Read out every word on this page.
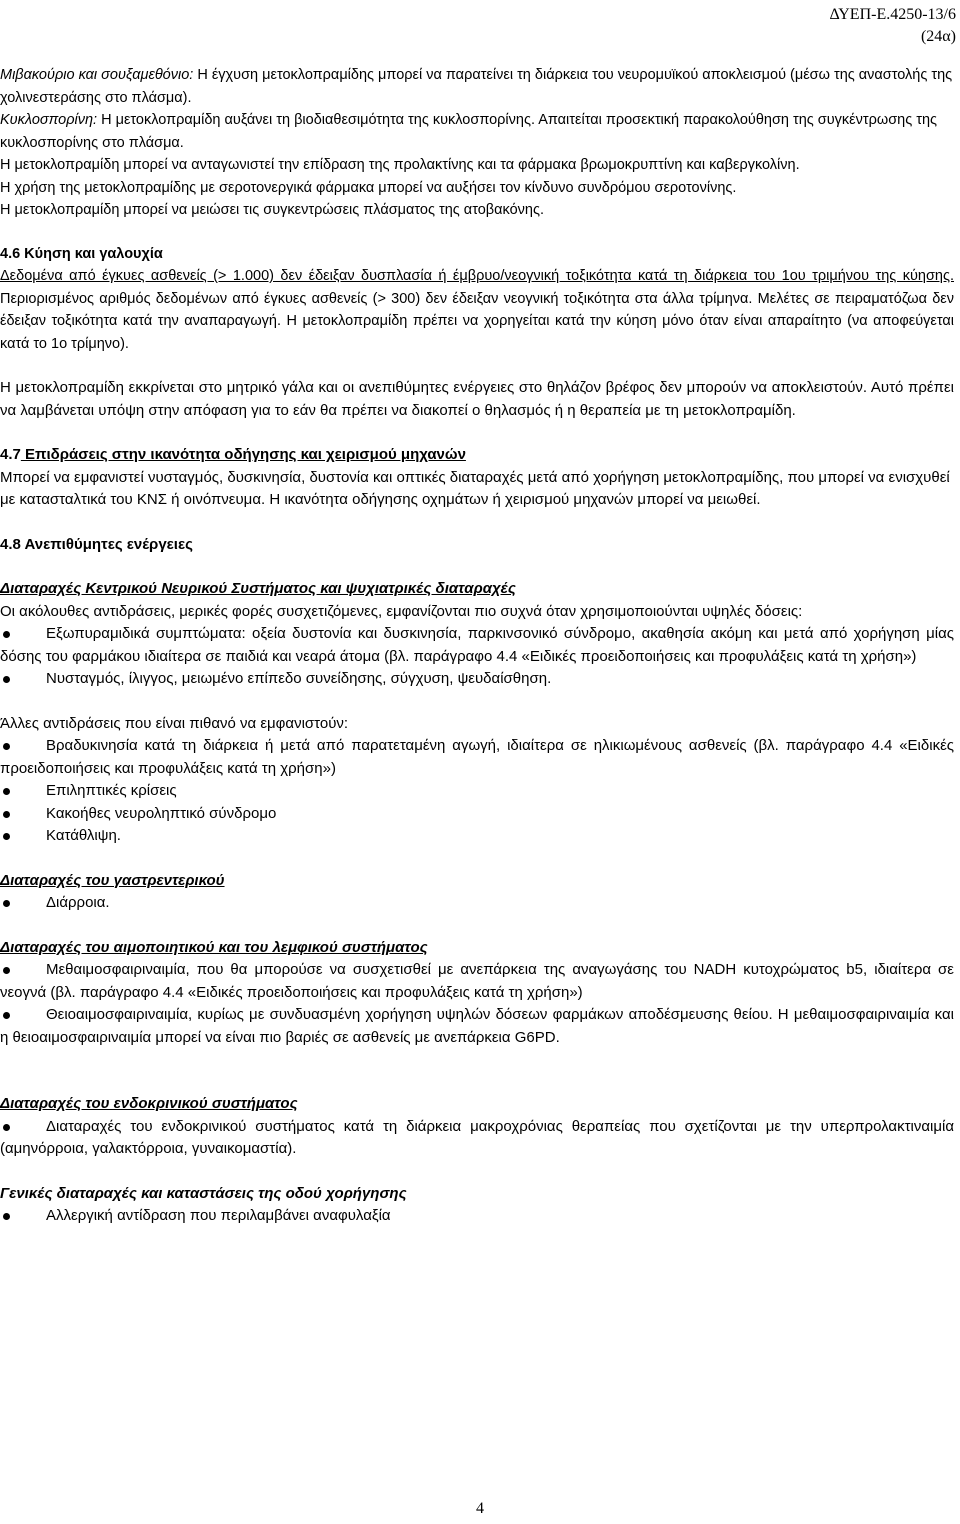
ΔΥΕΠ-Ε.4250-13/6
(24α)

Μιβακούριο και σουξαμεθόνιο: Η έγχυση μετοκλοπραμίδης μπορεί να παρατείνει τη διάρκεια του νευρομυϊκού αποκλεισμού (μέσω της αναστολής της χολινεστεράσης στο πλάσμα).

Κυκλοσπορίνη: Η μετοκλοπραμίδη αυξάνει τη βιοδιαθεσιμότητα της κυκλοσπορίνης. Απαιτείται προσεκτική παρακολούθηση της συγκέντρωσης της κυκλοσπορίνης στο πλάσμα.

Η μετοκλοπραμίδη μπορεί να ανταγωνιστεί την επίδραση της προλακτίνης και τα φάρμακα βρωμοκρυπτίνη και καβεργκολίνη.

Η χρήση της μετοκλοπραμίδης με σεροτονεργικά φάρμακα μπορεί να αυξήσει τον κίνδυνο συνδρόμου σεροτονίνης.

Η μετοκλοπραμίδη μπορεί να μειώσει τις συγκεντρώσεις πλάσματος της ατοβακόνης.

4.6 Κύηση και γαλουχία

Δεδομένα από έγκυες ασθενείς (> 1.000) δεν έδειξαν δυσπλασία ή έμβρυο/νεογνική τοξικότητα κατά τη διάρκεια του 1ου τριμήνου της κύησης. Περιορισμένος αριθμός δεδομένων από έγκυες ασθενείς (> 300) δεν έδειξαν νεογνική τοξικότητα στα άλλα τρίμηνα. Μελέτες σε πειραματόζωα δεν έδειξαν τοξικότητα κατά την αναπαραγωγή. Η μετοκλοπραμίδη πρέπει να χορηγείται κατά την κύηση μόνο όταν είναι απαραίτητο (να αποφεύγεται κατά το 1ο τρίμηνο).

Η μετοκλοπραμίδη εκκρίνεται στο μητρικό γάλα και οι ανεπιθύμητες ενέργειες στο θηλάζον βρέφος δεν μπορούν να αποκλειστούν. Αυτό πρέπει να λαμβάνεται υπόψη στην απόφαση για το εάν θα πρέπει να διακοπεί ο θηλασμός ή η θεραπεία με τη μετοκλοπραμίδη.

4.7 Επιδράσεις στην ικανότητα οδήγησης και χειρισμού μηχανών

Μπορεί να εμφανιστεί νυσταγμός, δυσκινησία, δυστονία και οπτικές διαταραχές μετά από χορήγηση μετοκλοπραμίδης, που μπορεί να ενισχυθεί με κατασταλτικά του ΚΝΣ ή οινόπνευμα. Η ικανότητα οδήγησης οχημάτων ή χειρισμού μηχανών μπορεί να μειωθεί.

4.8 Ανεπιθύμητες ενέργειες

Διαταραχές Κεντρικού Νευρικού Συστήματος και ψυχιατρικές διαταραχές

Οι ακόλουθες αντιδράσεις, μερικές φορές συσχετιζόμενες, εμφανίζονται πιο συχνά όταν χρησιμοποιούνται υψηλές δόσεις:

Εξωπυραμιδικά συμπτώματα: οξεία δυστονία και δυσκινησία, παρκινσονικό σύνδρομο, ακαθησία ακόμη και μετά από χορήγηση μίας δόσης του φαρμάκου ιδιαίτερα σε παιδιά και νεαρά άτομα (βλ. παράγραφο 4.4 «Ειδικές προειδοποιήσεις και προφυλάξεις κατά τη χρήση»)

Νυσταγμός, ίλιγγος, μειωμένο επίπεδο συνείδησης, σύγχυση, ψευδαίσθηση.

Άλλες αντιδράσεις που είναι πιθανό να εμφανιστούν:

Βραδυκινησία κατά τη διάρκεια ή μετά από παρατεταμένη αγωγή, ιδιαίτερα σε ηλικιωμένους ασθενείς (βλ. παράγραφο 4.4 «Ειδικές προειδοποιήσεις και προφυλάξεις κατά τη χρήση»)

Επιληπτικές κρίσεις

Κακοήθες νευροληπτικό σύνδρομο

Κατάθλιψη.

Διαταραχές του γαστρεντερικού

Διάρροια.

Διαταραχές του αιμοποιητικού και του λεμφικού συστήματος

Μεθαιμοσφαιριναιμία, που θα μπορούσε να συσχετισθεί με ανεπάρκεια της αναγωγάσης του NADH κυτοχρώματος b5, ιδιαίτερα σε νεογνά (βλ. παράγραφο 4.4 «Ειδικές προειδοποιήσεις και προφυλάξεις κατά τη χρήση»)

Θειοαιμοσφαιριναιμία, κυρίως με συνδυασμένη χορήγηση υψηλών δόσεων φαρμάκων αποδέσμευσης θείου. Η μεθαιμοσφαιριναιμία και η θειοαιμοσφαιριναιμία μπορεί να είναι πιο βαριές σε ασθενείς με ανεπάρκεια G6PD.

Διαταραχές του ενδοκρινικού συστήματος

Διαταραχές του ενδοκρινικού συστήματος κατά τη διάρκεια μακροχρόνιας θεραπείας που σχετίζονται με την υπερπρολακτιναιμία (αμηνόρροια, γαλακτόρροια, γυναικομαστία).

Γενικές διαταραχές και καταστάσεις της οδού χορήγησης

Αλλεργική αντίδραση που περιλαμβάνει αναφυλαξία

4
